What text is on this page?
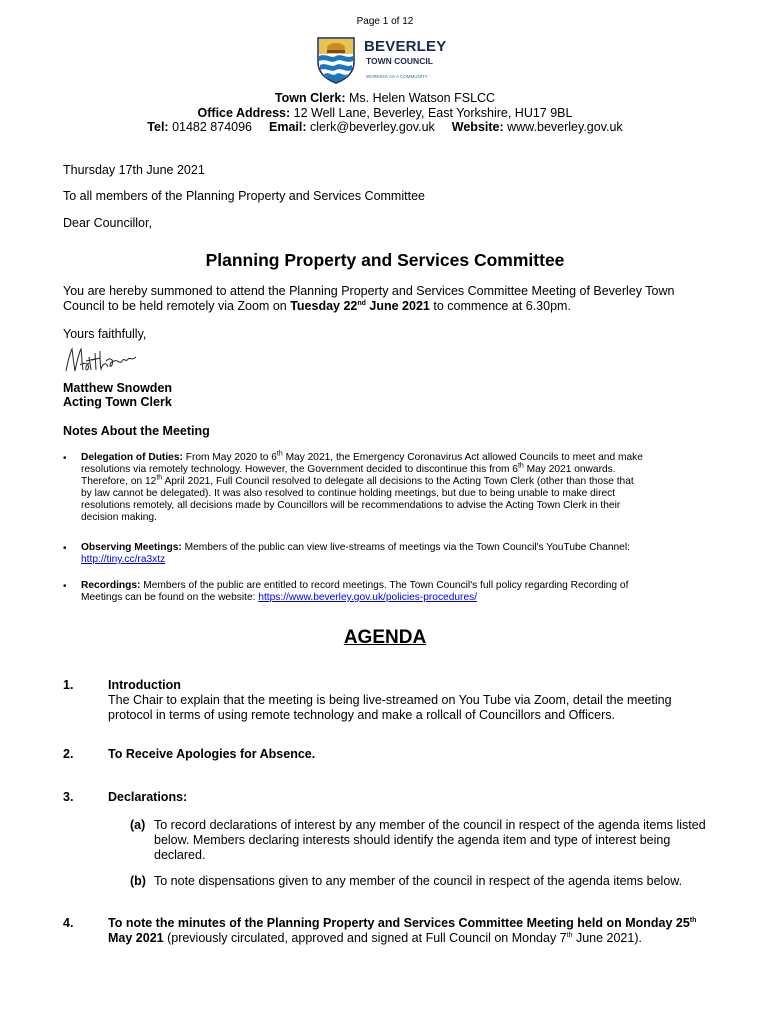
Page 1 of 12
BEVERLEY
TOWN COUNCIL
WORKING AS A COMMUNITY
Town Clerk: Ms. Helen Watson FSLCC
Office Address: 12 Well Lane, Beverley, East Yorkshire, HU17 9BL
Tel: 01482 874096 Email: clerk@beverley.gov.uk Website: www.beverley.gov.uk
Thursday 17th June 2021
To all members of the Planning Property and Services Committee
Dear Councillor,
Planning Property and Services Committee
You are hereby summoned to attend the Planning Property and Services Committee Meeting of Beverley Town
Council to be held remotely via Zoom on Tuesday 22nd June 2021 to commence at 6.30pm.
Yours faithfully,
Matthew Snowden
Acting Town Clerk
Notes About the Meeting
• Delegation of Duties: From May 2020 to 6th May 2021, the Emergency Coronavirus Act allowed Councils to meet and make
resolutions via remotely technology. However, the Government decided to discontinue this from 6th May 2021 onwards.
Therefore, on 12th April 2021, Full Council resolved to delegate all decisions to the Acting Town Clerk (other than those that
by law cannot be delegated). It was also resolved to continue holding meetings, but due to being unable to make direct
resolutions remotely, all decisions made by Councillors will be recommendations to advise the Acting Town Clerk in their
decision making.
• Observing Meetings: Members of the public can view live-streams of meetings via the Town Council's YouTube Channel:
http://tiny.cc/ra3xtz
• Recordings: Members of the public are entitled to record meetings. The Town Council's full policy regarding Recording of
Meetings can be found on the website: https://www.beverley.gov.uk/policies-procedures/
AGENDA
1.	Introduction
The Chair to explain that the meeting is being live-streamed on You Tube via Zoom, detail the meeting
protocol in terms of using remote technology and make a rollcall of Councillors and Officers.
2.	To Receive Apologies for Absence.
3.	Declarations:
(a) To record declarations of interest by any member of the council in respect of the agenda items listed
below. Members declaring interests should identify the agenda item and type of interest being
declared.
(b) To note dispensations given to any member of the council in respect of the agenda items below.
4.	To note the minutes of the Planning Property and Services Committee Meeting held on Monday 25th
May 2021 (previously circulated, approved and signed at Full Council on Monday 7th June 2021).
